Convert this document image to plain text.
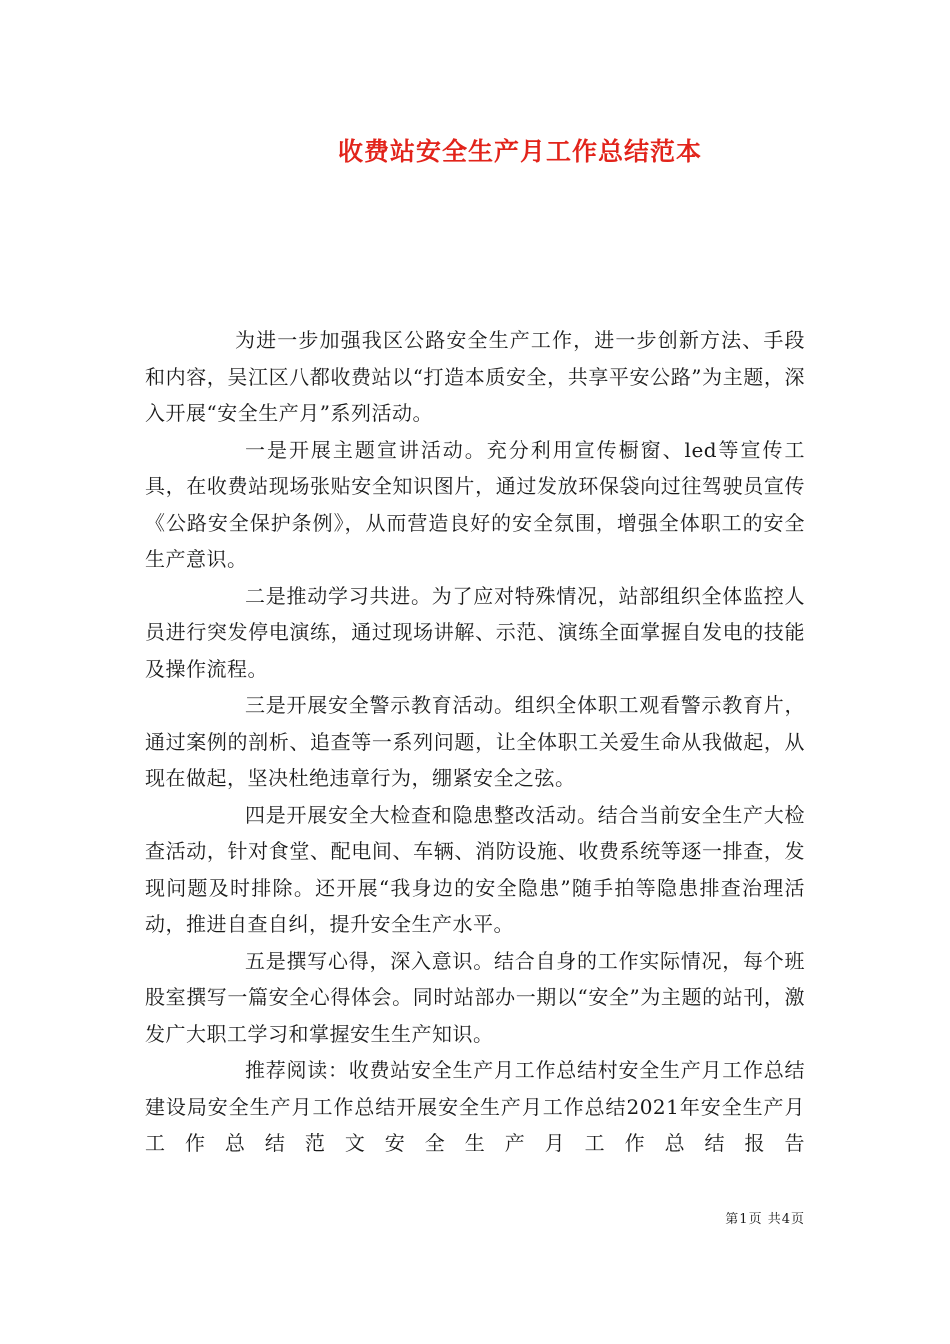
收费站安全生产月工作总结范本

为进一步加强我区公路安全生产工作，进一步创新方法、手段和内容，吴江区八都收费站以“打造本质安全，共享平安公路”为主题，深入开展“安全生产月”系列活动。

一是开展主题宣讲活动。充分利用宣传橱窗、led等宣传工具，在收费站现场张贴安全知识图片，通过发放环保袋向过往驾驶员宣传《公路安全保护条例》，从而营造良好的安全氛围，增强全体职工的安全生产意识。

二是推动学习共进。为了应对特殊情况，站部组织全体监控人员进行突发停电演练，通过现场讲解、示范、演练全面掌握自发电的技能及操作流程。

三是开展安全警示教育活动。组织全体职工观看警示教育片，通过案例的剖析、追查等一系列问题，让全体职工关爱生命从我做起，从现在做起，坚决杜绝违章行为，绷紧安全之弦。

四是开展安全大检查和隐患整改活动。结合当前安全生产大检查活动，针对食堂、配电间、车辆、消防设施、收费系统等逐一排查，发现问题及时排除。还开展“我身边的安全隐患”随手拍等隐患排查治理活动，推进自查自纠，提升安全生产水平。

五是撰写心得，深入意识。结合自身的工作实际情况，每个班股室撰写一篇安全心得体会。同时站部办一期以“安全”为主题的站刊，激发广大职工学习和掌握安生生产知识。

推荐阅读：收费站安全生产月工作总结村安全生产月工作总结建设局安全生产月工作总结开展安全生产月工作总结2021年安全生产月工作总结范文安全生产月工作总结报告

第1页 共4页
